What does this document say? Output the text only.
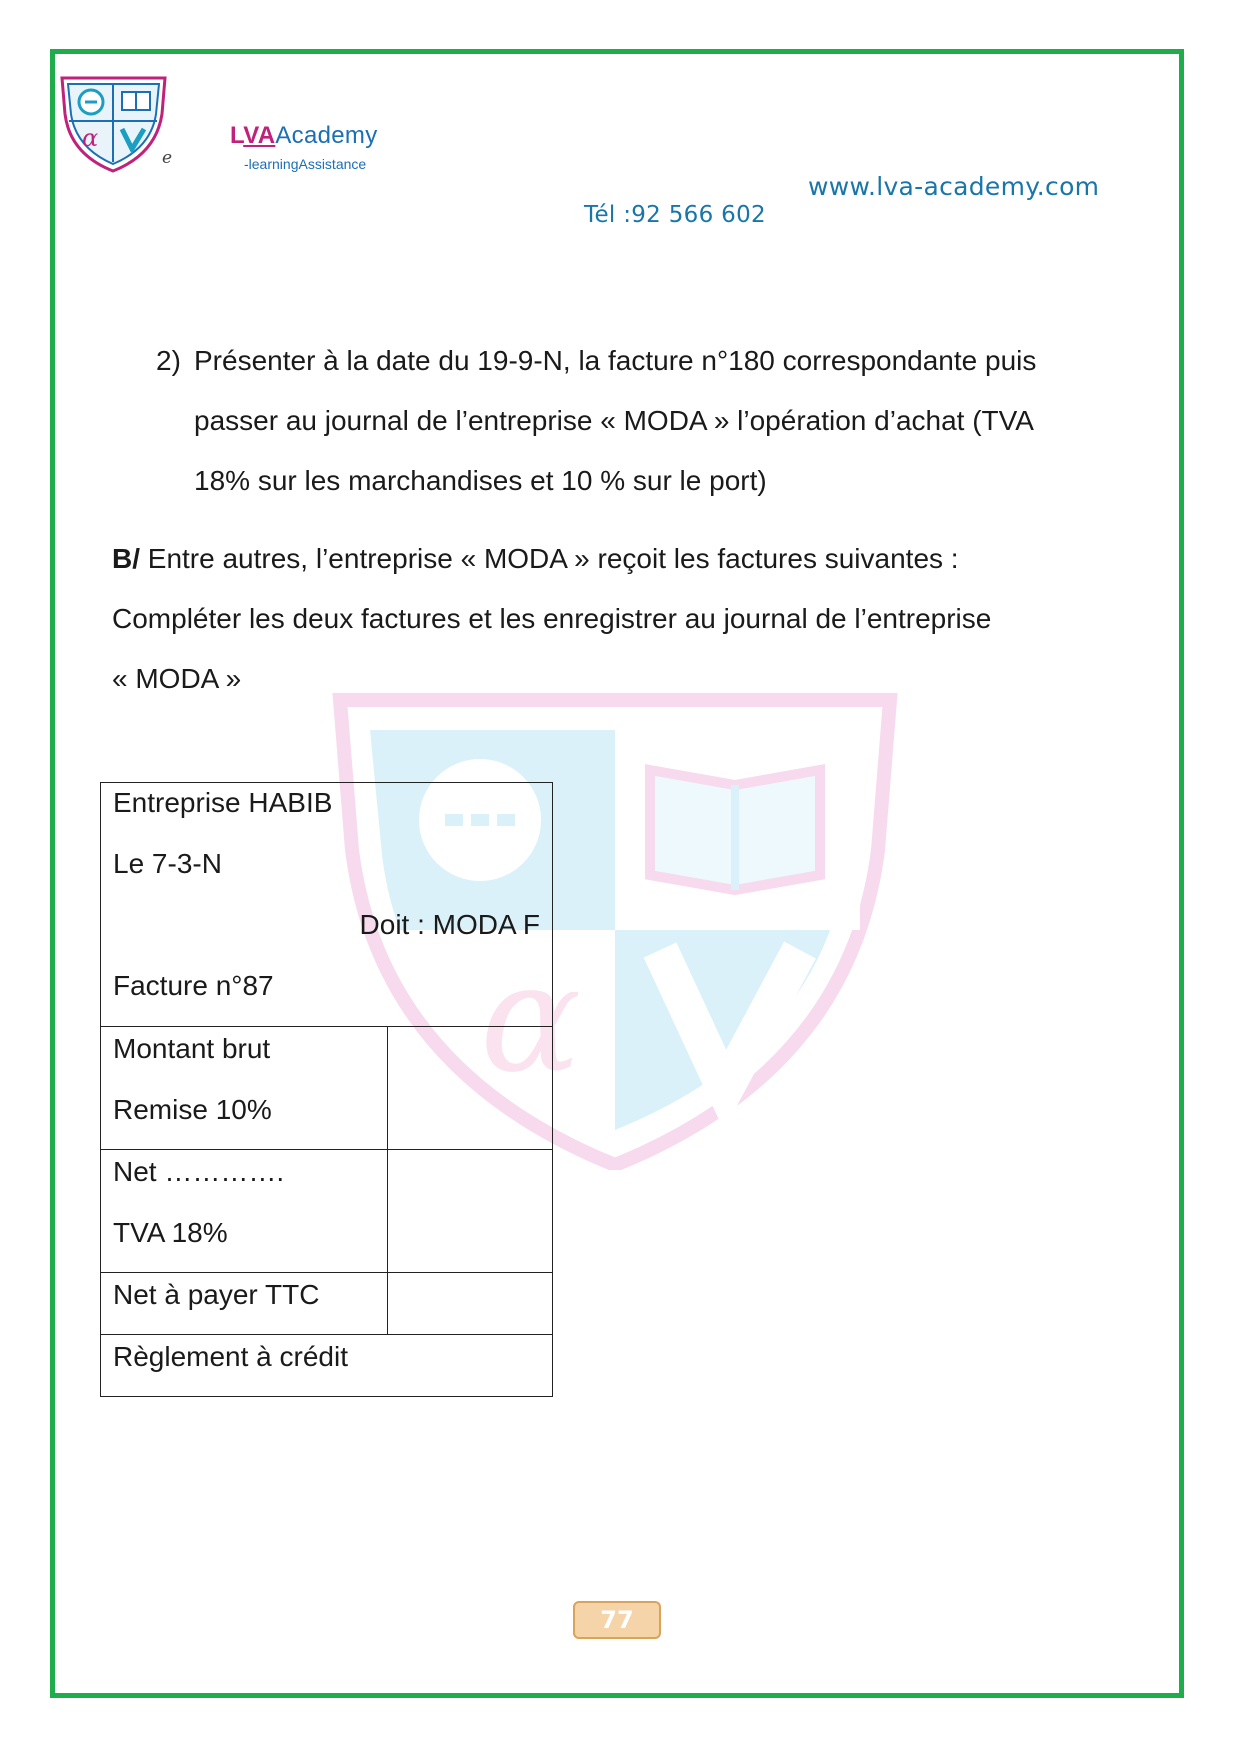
α
e
LVAAcademy
-learningAssistance
www.lva-academy.com
Tél :92 566 602
α
2) Présenter à la date du 19-9-N, la facture n°180 correspondante puis
passer au journal de l’entreprise « MODA » l’opération d’achat (TVA
18% sur les marchandises et 10 % sur le port)
B/ Entre autres, l’entreprise « MODA » reçoit les factures suivantes :
Compléter les deux factures et les enregistrer au journal de l’entreprise
« MODA »
Entreprise HABIB
Le 7-3-N
Doit : MODA F
Facture n°87
Montant brut
Remise 10%
Net ………….
TVA 18%
Net à payer TTC
Règlement à crédit
77
